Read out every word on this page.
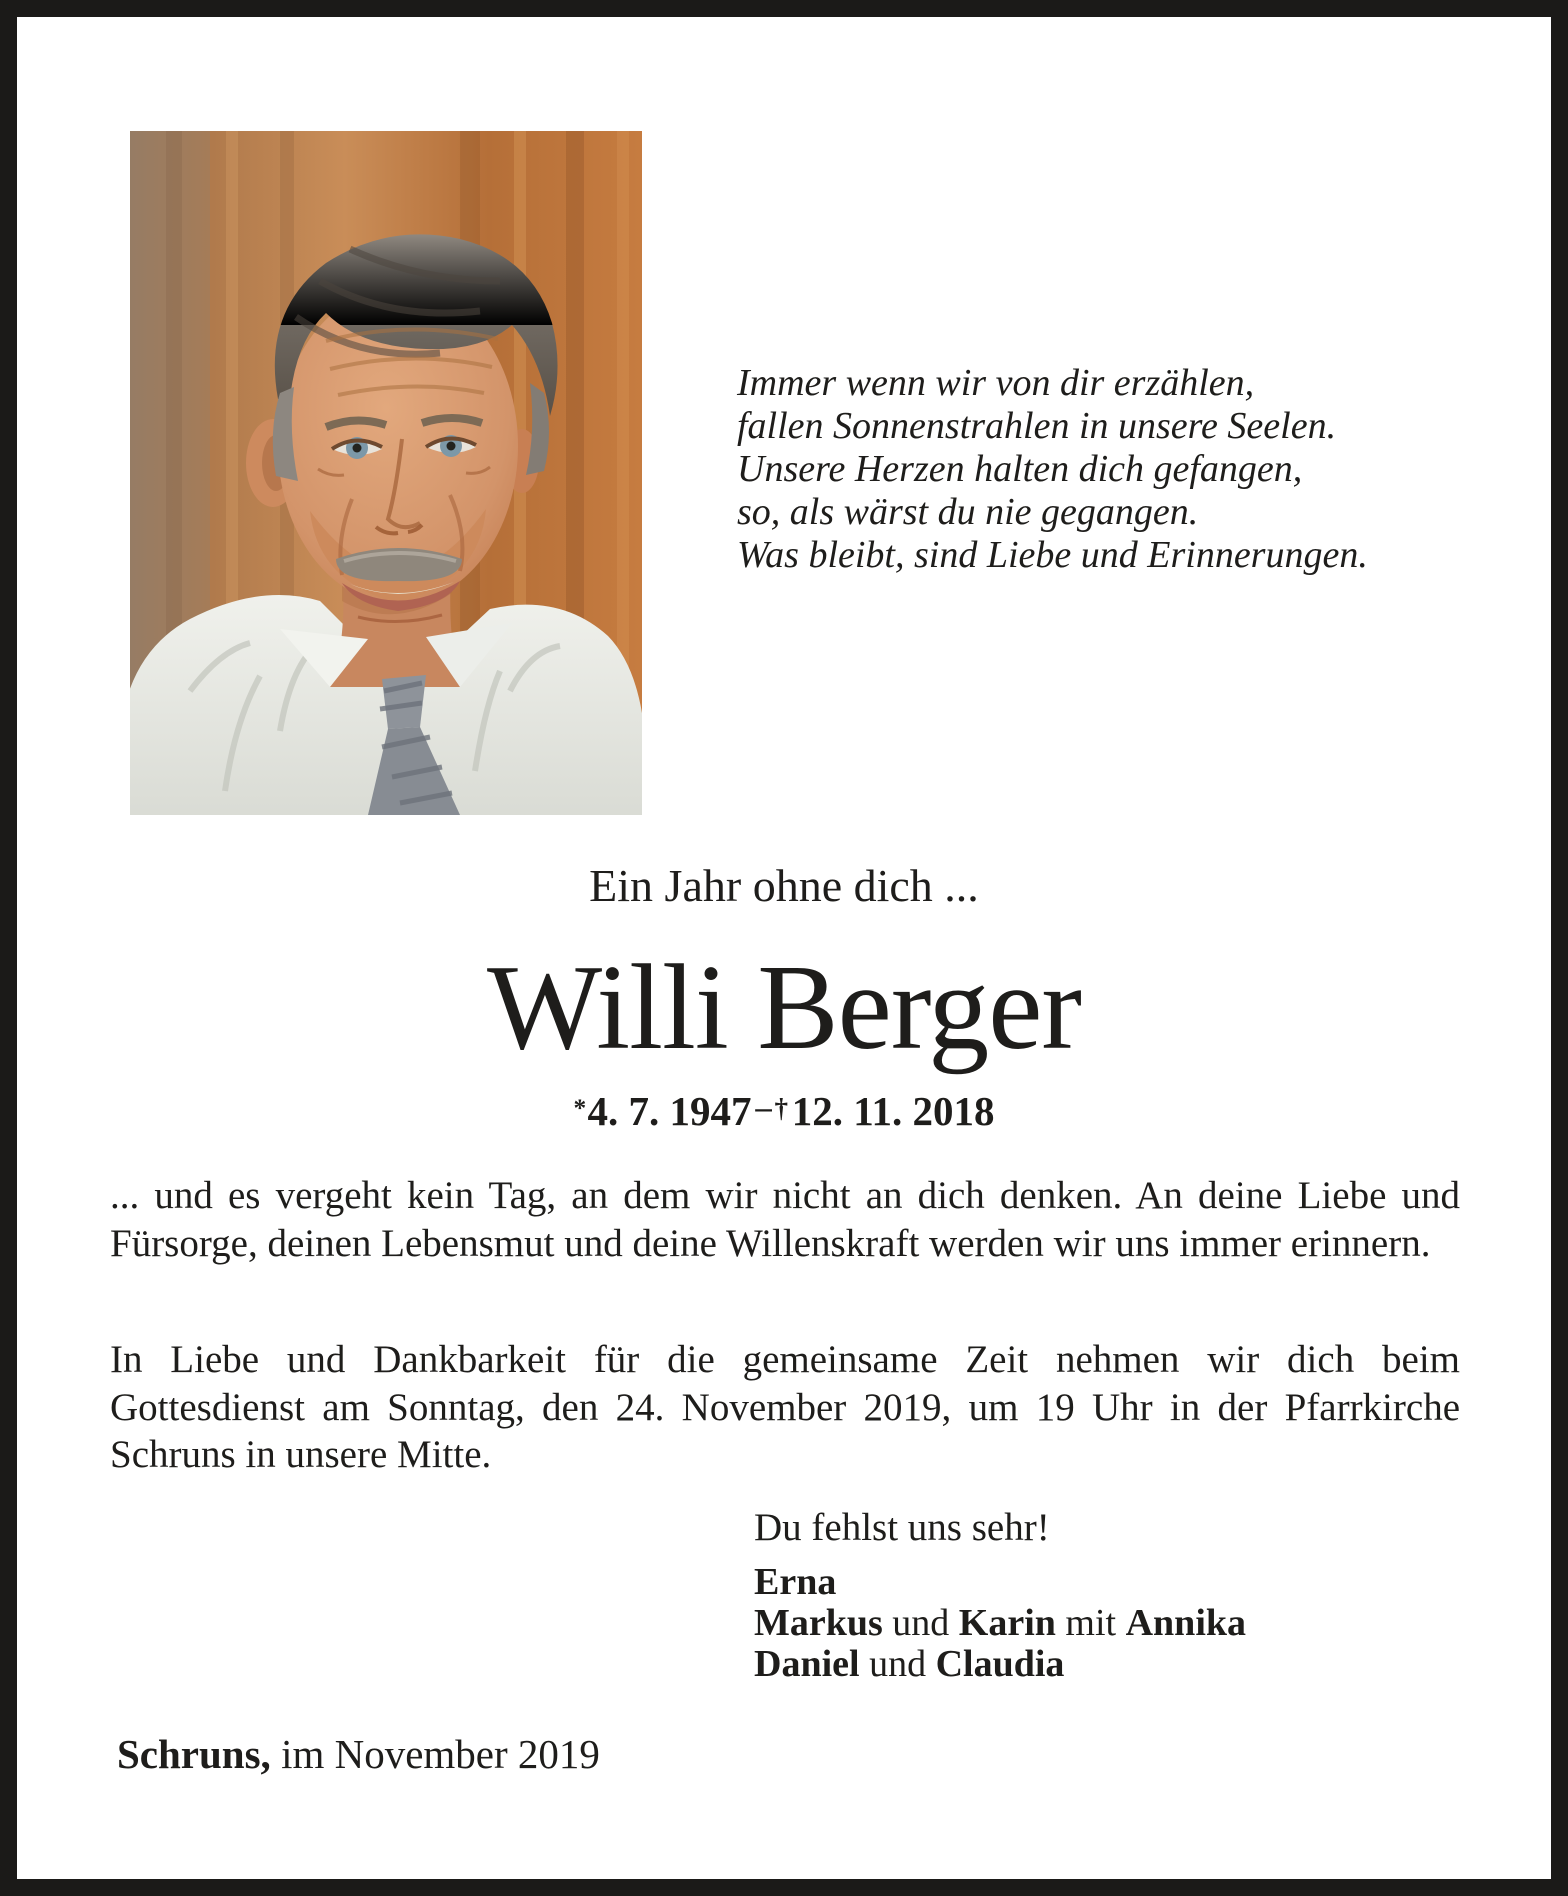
Immer wenn wir von dir erzählen,
fallen Sonnenstrahlen in unsere Seelen.
Unsere Herzen halten dich gefangen,
so, als wärst du nie gegangen.
Was bleibt, sind Liebe und Erinnerungen.
Ein Jahr ohne dich ...
Willi Berger
*4. 7. 1947 –†12. 11. 2018
... und es vergeht kein Tag, an dem wir nicht an dich denken. An deine Liebe und Fürsorge, deinen Lebensmut und deine Willenskraft werden wir uns immer erinnern.
In Liebe und Dankbarkeit für die gemeinsame Zeit nehmen wir dich beim Gottesdienst am Sonntag, den 24. November 2019, um 19 Uhr in der Pfarrkirche Schruns in unsere Mitte.
Du fehlst uns sehr!
Erna
Markus und Karin mit Annika
Daniel und Claudia
Schruns, im November 2019
